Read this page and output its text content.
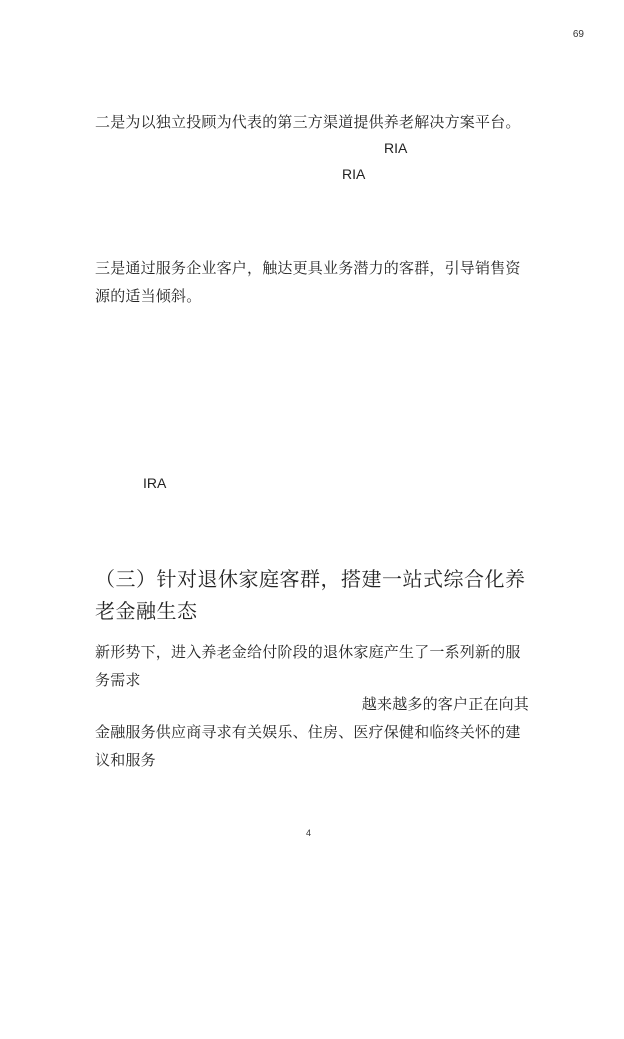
69
二是为以独立投顾为代表的第三方渠道提供养老解决方案平台。
RIA
RIA
三是通过服务企业客户，触达更具业务潜力的客群，引导销售资源的适当倾斜。
IRA
（三）针对退休家庭客群，搭建一站式综合化养老金融生态
新形势下，进入养老金给付阶段的退休家庭产生了一系列新的服务需求
越来越多的客户正在向其
金融服务供应商寻求有关娱乐、住房、医疗保健和临终关怀的建议和服务
4
